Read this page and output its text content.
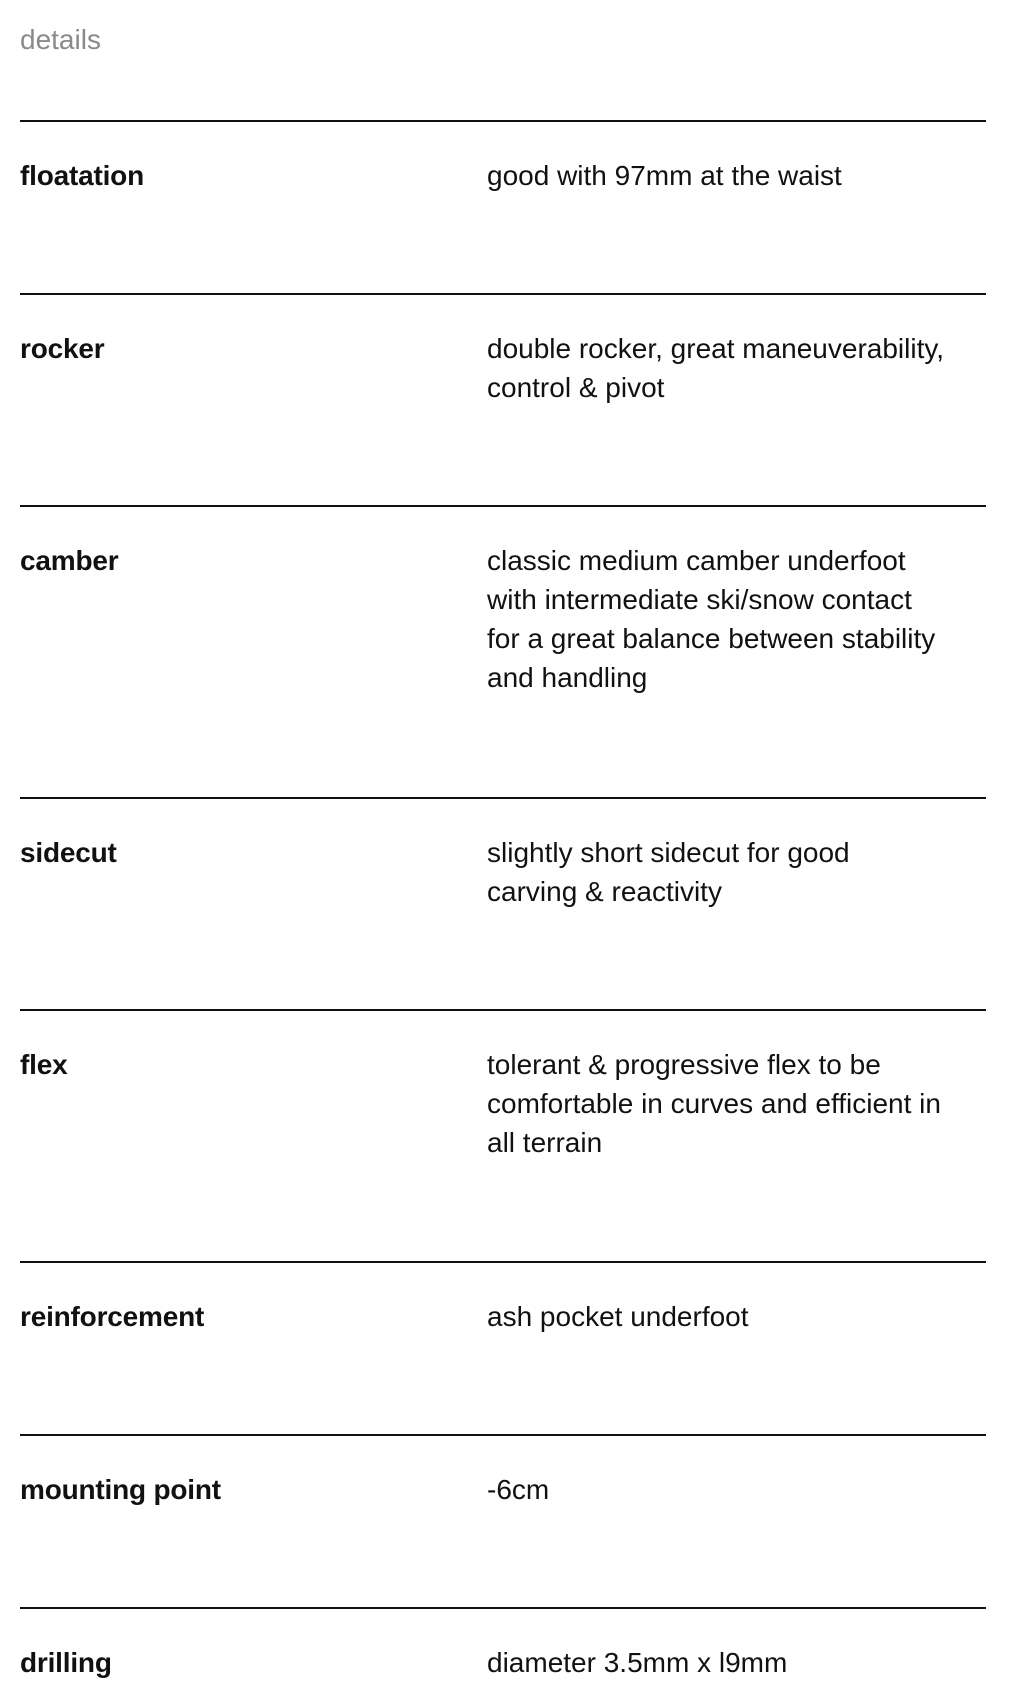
details
floatation	good with 97mm at the waist
rocker	double rocker, great maneuverability, control & pivot
camber	classic medium camber underfoot with intermediate ski/snow contact for a great balance between stability and handling
sidecut	slightly short sidecut for good carving & reactivity
flex	tolerant & progressive flex to be comfortable in curves and efficient in all terrain
reinforcement	ash pocket underfoot
mounting point	-6cm
drilling	diameter 3.5mm x l9mm
